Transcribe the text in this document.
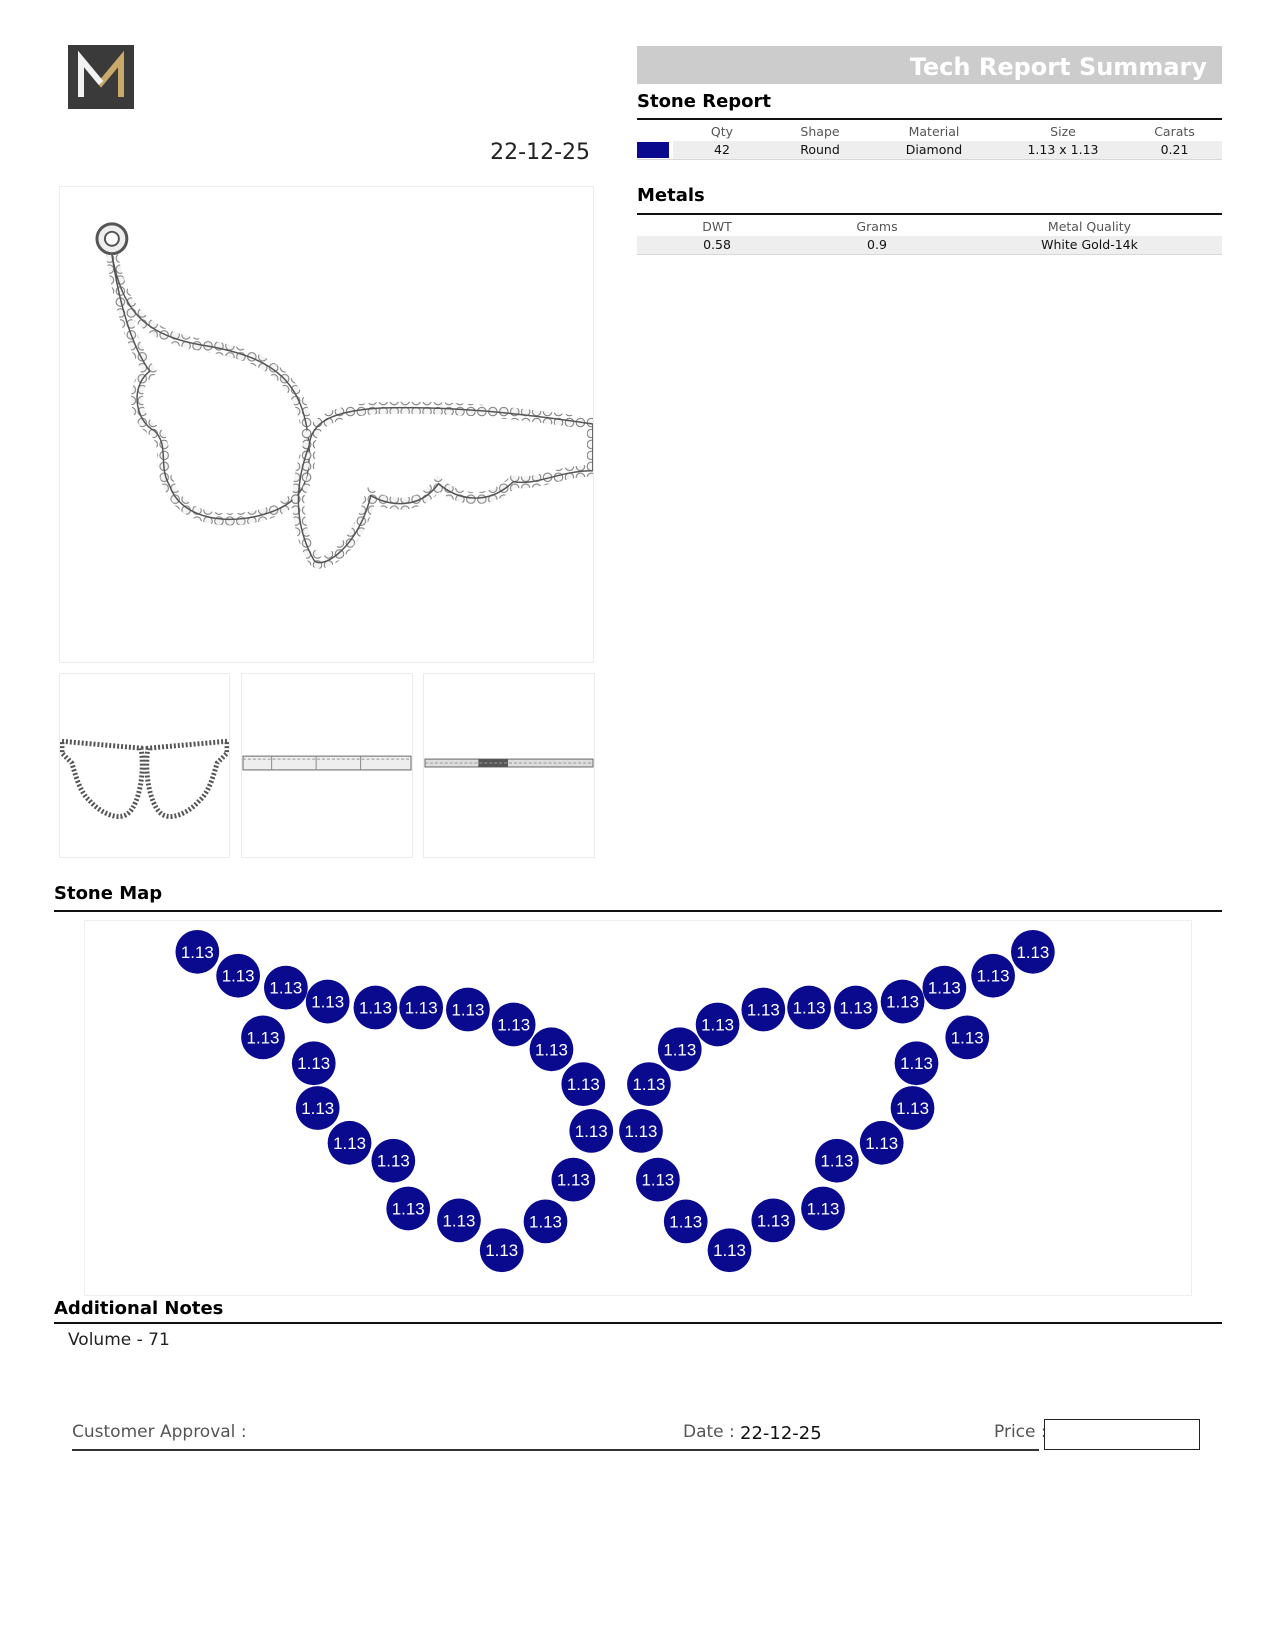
22-12-25
Tech Report Summary
Stone Report
	Qty	Shape	Material	Size	Carats
	42	Round	Diamond	1.13 x 1.13	0.21
Metals
DWT	Grams	Metal Quality
0.58	0.9	White Gold-14k
Stone Map
1.13
1.13
1.13
1.13 1.13 1.13 1.13
1.13
1.13
1.13
1.13
1.13
1.13
1.13
1.13
1.13
1.13
1.13
1.13
1.13
1.13
1.13
1.13
1.13
1.13
1.13 1.13 1.13 1.13
1.13
1.13
1.13
1.13
1.13
1.13
1.13
1.13
1.13
1.13
1.13
1.13
1.13
Additional Notes
Volume - 71
Customer Approval :	Date : 22-12-25	Price :
